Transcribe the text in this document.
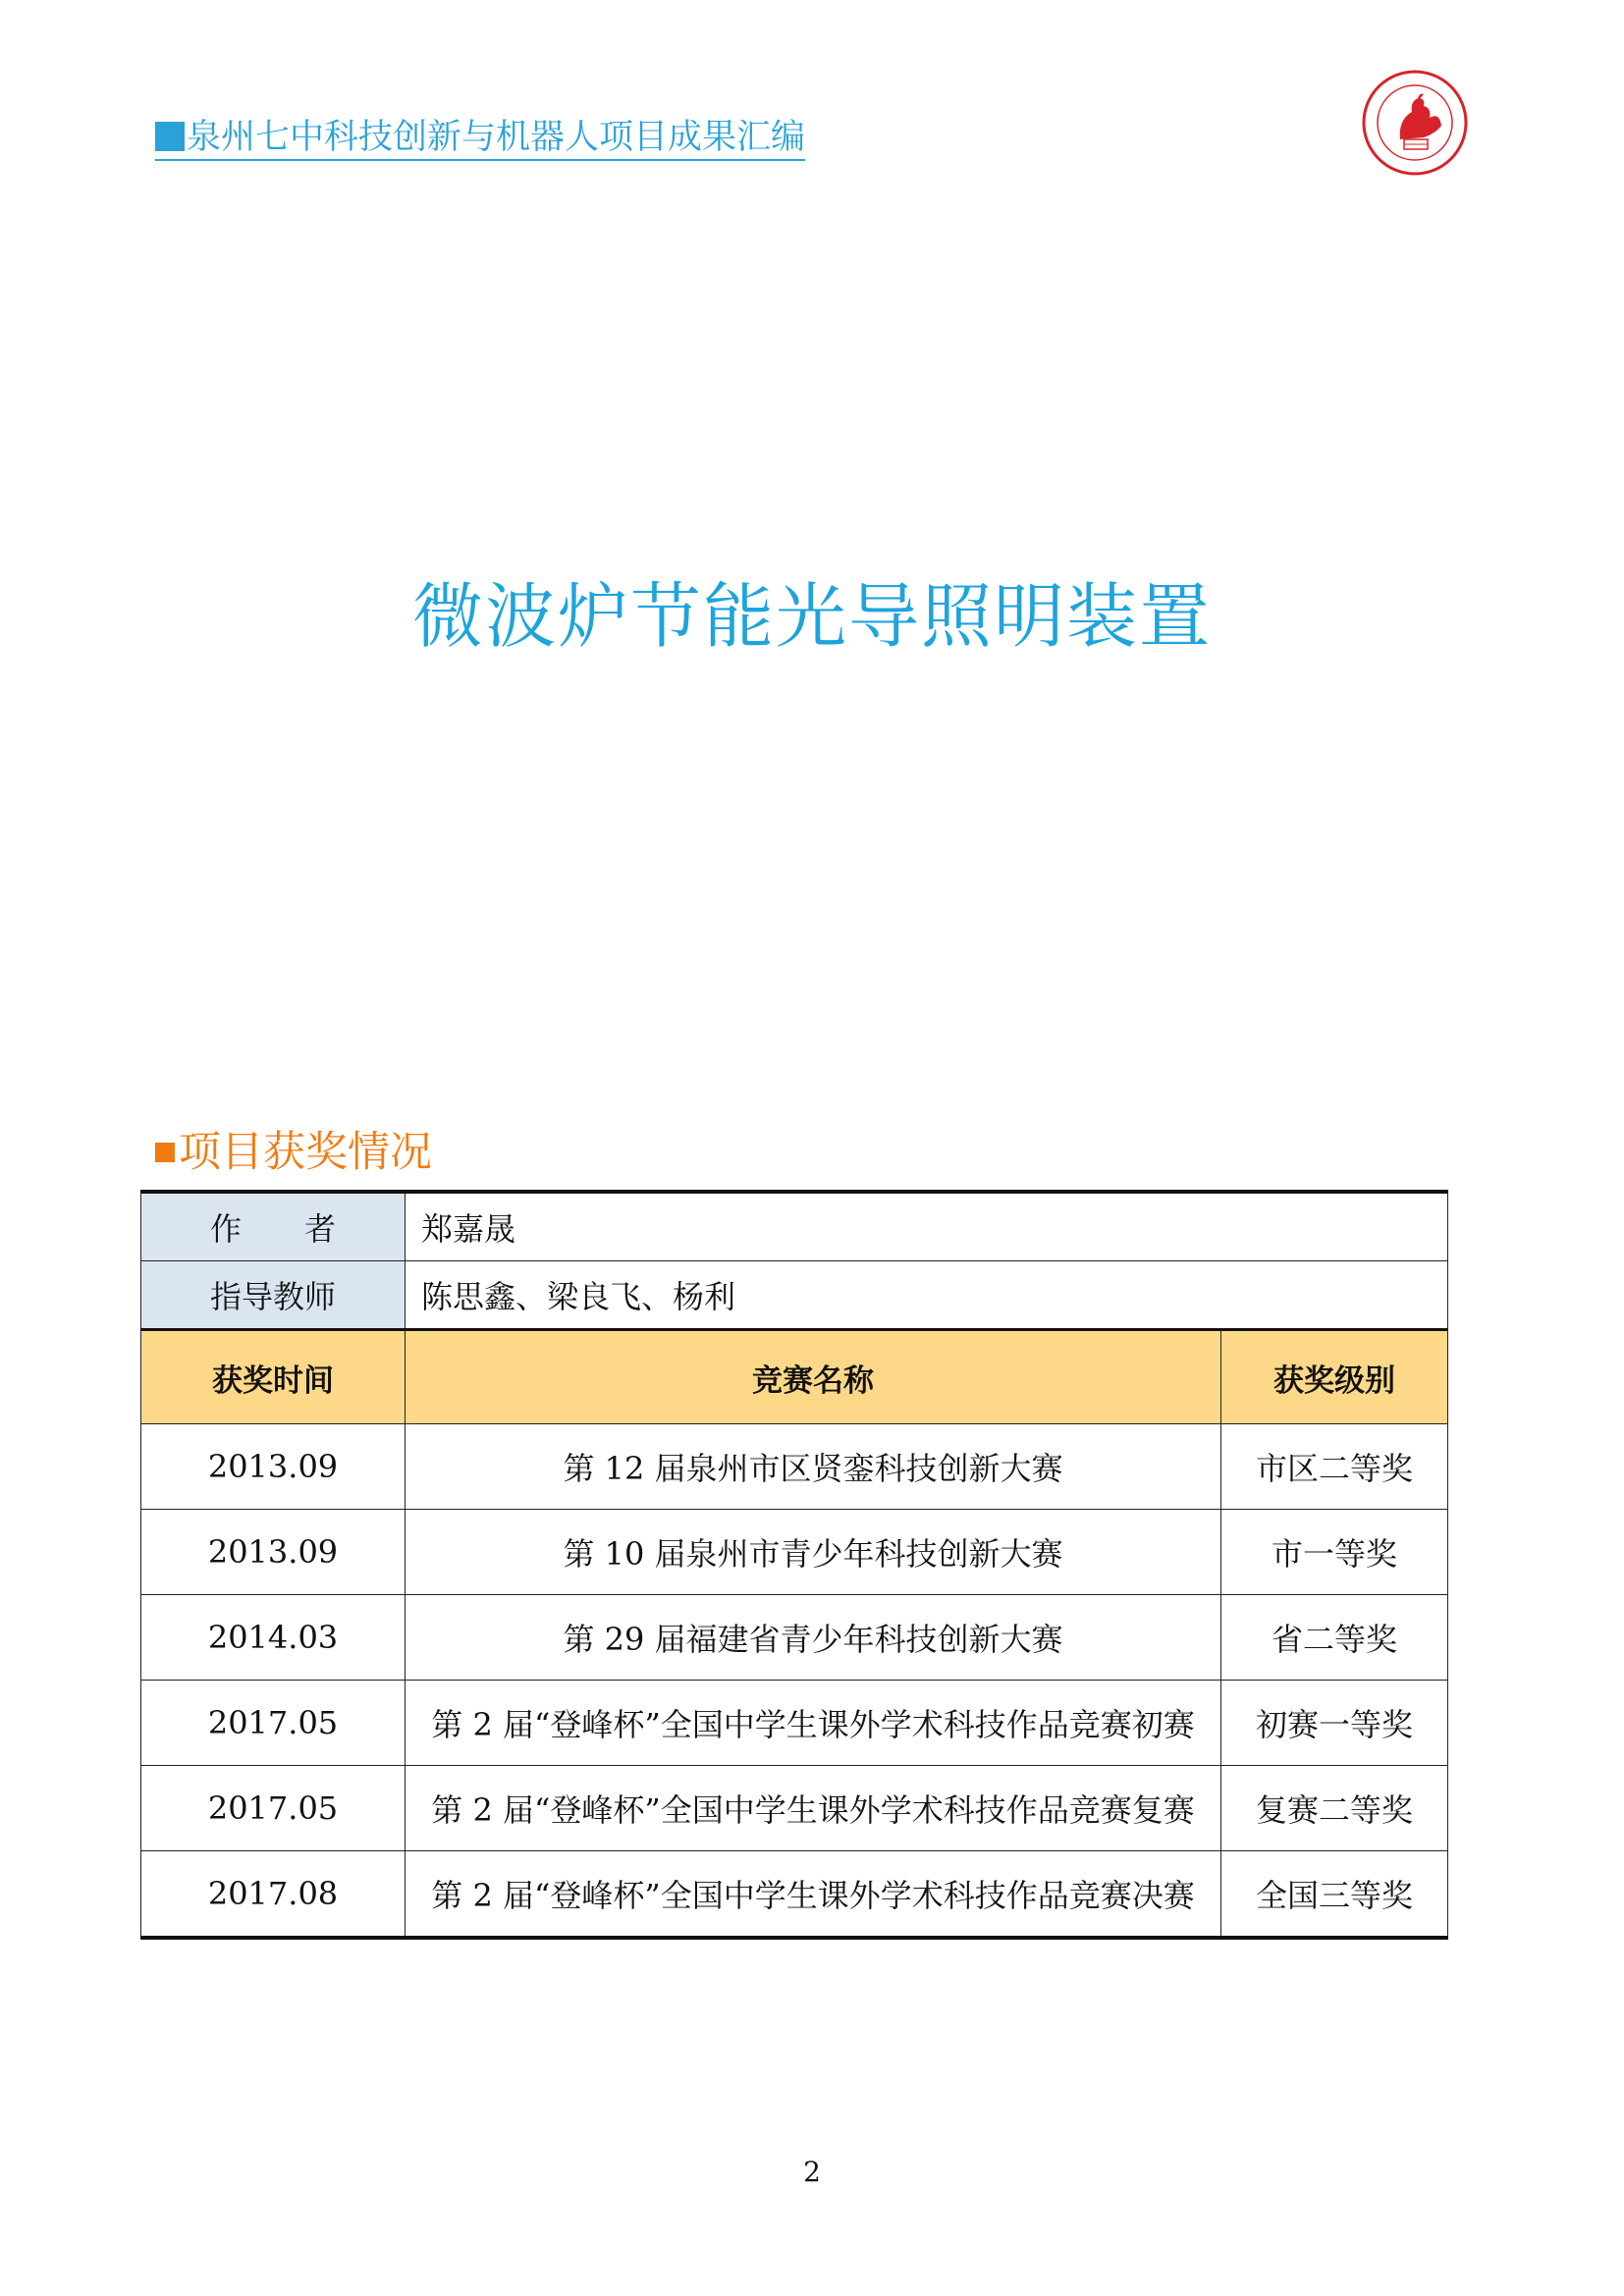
泉州七中科技创新与机器人项目成果汇编
微波炉节能光导照明装置
项目获奖情况
作　　者	郑嘉晟	
指导教师	陈思鑫、梁良飞、杨利	
获奖时间	竞赛名称	获奖级别
2013.09	第 12 届泉州市区贤銮科技创新大赛	市区二等奖
2013.09	第 10 届泉州市青少年科技创新大赛	市一等奖
2014.03	第 29 届福建省青少年科技创新大赛	省二等奖
2017.05	第 2 届“登峰杯”全国中学生课外学术科技作品竞赛初赛	初赛一等奖
2017.05	第 2 届“登峰杯”全国中学生课外学术科技作品竞赛复赛	复赛二等奖
2017.08	第 2 届“登峰杯”全国中学生课外学术科技作品竞赛决赛	全国三等奖
2
